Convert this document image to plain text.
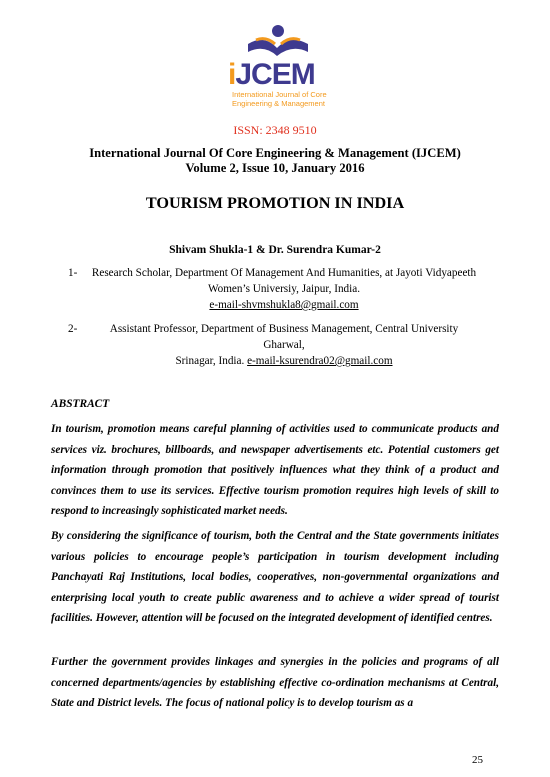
iJCEM
International Journal of Core
Engineering & Management
ISSN: 2348 9510
International Journal Of Core Engineering & Management (IJCEM)
Volume 2, Issue 10, January 2016
TOURISM PROMOTION IN INDIA
Shivam Shukla-1 & Dr. Surendra Kumar-2
1-	Research Scholar, Department Of Management And Humanities, at Jayoti Vidyapeeth
Women’s Universiy, Jaipur, India.
e-mail-shvmshukla8@gmail.com
2-	Assistant Professor, Department of Business Management, Central University Gharwal,
Srinagar, India. e-mail-ksurendra02@gmail.com
ABSTRACT

In tourism, promotion means careful planning of activities used to communicate products and services viz. brochures, billboards, and newspaper advertisements etc. Potential customers get information through promotion that positively influences what they think of a product and convinces them to use its services. Effective tourism promotion requires high levels of skill to respond to increasingly sophisticated market needs.

By considering the significance of tourism, both the Central and the State governments initiates various policies to encourage people’s participation in tourism development including Panchayati Raj Institutions, local bodies, cooperatives, non-governmental organizations and enterprising local youth to create public awareness and to achieve a wider spread of tourist facilities. However, attention will be focused on the integrated development of identified centres.

Further the government provides linkages and synergies in the policies and programs of all concerned departments/agencies by establishing effective co-ordination mechanisms at Central, State and District levels. The focus of national policy is to develop tourism as a

25
